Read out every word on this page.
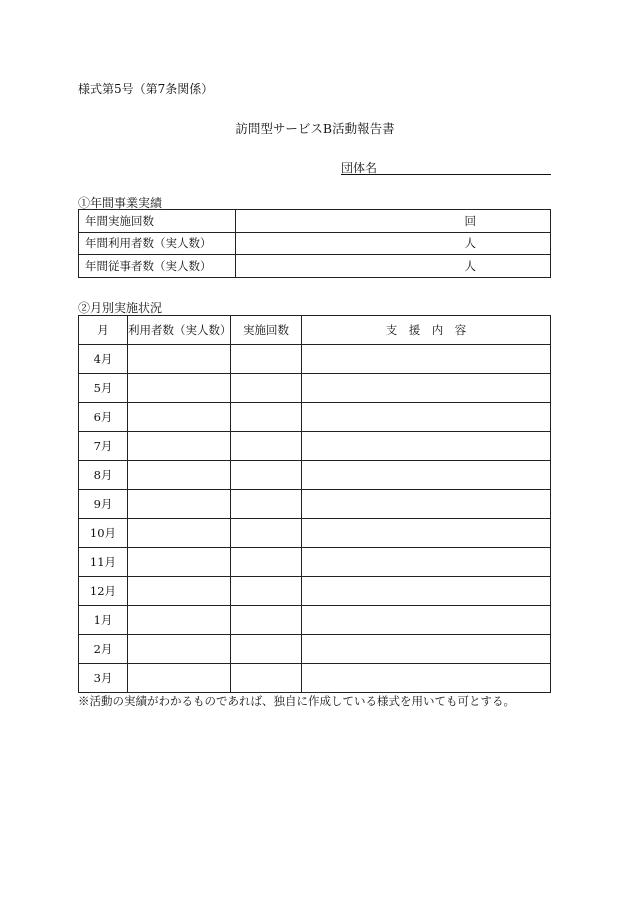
様式第5号（第7条関係）
訪問型サービスB活動報告書
団体名
①年間事業実績
年間実施回数	回
年間利用者数（実人数）	人
年間従事者数（実人数）	人
②月別実施状況
月	利用者数（実人数）	実施回数	支　援　内　容
4月			
5月			
6月			
7月			
8月			
9月			
10月			
11月			
12月			
1月			
2月			
3月			
※活動の実績がわかるものであれば、独自に作成している様式を用いても可とする。
